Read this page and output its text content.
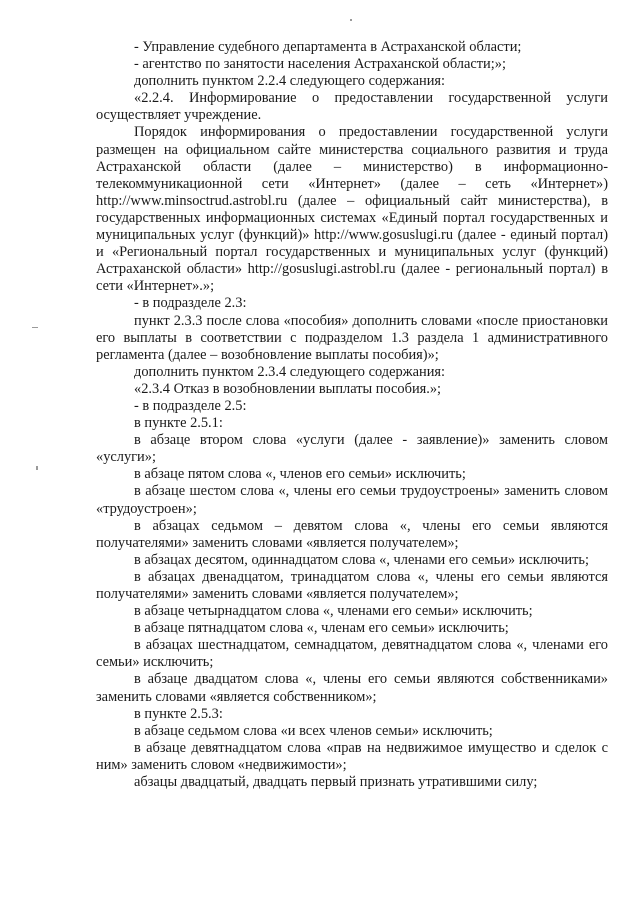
- Управление судебного департамента в Астраханской области;

- агентство по занятости населения Астраханской области;»;

дополнить пунктом 2.2.4 следующего содержания:

«2.2.4. Информирование о предоставлении государственной услуги осуществляет учреждение.

Порядок информирования о предоставлении государственной услуги размещен на официальном сайте министерства социального развития и труда Астраханской области (далее – министерство) в информационно-телекоммуникационной сети «Интернет» (далее – сеть «Интернет») http://www.minsoctrud.astrobl.ru (далее – официальный сайт министерства), в государственных информационных системах «Единый портал государственных и муниципальных услуг (функций)» http://www.gosuslugi.ru (далее - единый портал) и «Региональный портал государственных и муниципальных услуг (функций) Астраханской области» http://gosuslugi.astrobl.ru (далее - региональный портал) в сети «Интернет».»;

- в подразделе 2.3:

пункт 2.3.3 после слова «пособия» дополнить словами «после приостановки его выплаты в соответствии с подразделом 1.3 раздела 1 административного регламента (далее – возобновление выплаты пособия)»;

дополнить пунктом 2.3.4 следующего содержания:

«2.3.4 Отказ в возобновлении выплаты пособия.»;

- в подразделе 2.5:

в пункте 2.5.1:

в абзаце втором слова «услуги (далее - заявление)» заменить словом «услуги»;

в абзаце пятом слова «, членов его семьи» исключить;

в абзаце шестом слова «, члены его семьи трудоустроены» заменить словом «трудоустроен»;

в абзацах седьмом – девятом слова «, члены его семьи являются получателями» заменить словами «является получателем»;

в абзацах десятом, одиннадцатом слова «, членами его семьи» исключить;

в абзацах двенадцатом, тринадцатом слова «, члены его семьи являются получателями» заменить словами «является получателем»;

в абзаце четырнадцатом слова «, членами его семьи» исключить;

в абзаце пятнадцатом слова «, членам его семьи» исключить;

в абзацах шестнадцатом, семнадцатом, девятнадцатом слова «, членами его семьи» исключить;

в абзаце двадцатом слова «, члены его семьи являются собственниками» заменить словами «является собственником»;

в пункте 2.5.3:

в абзаце седьмом слова «и всех членов семьи» исключить;

в абзаце девятнадцатом слова «прав на недвижимое имущество и сделок с ним» заменить словом «недвижимости»;

абзацы двадцатый, двадцать первый признать утратившими силу;
